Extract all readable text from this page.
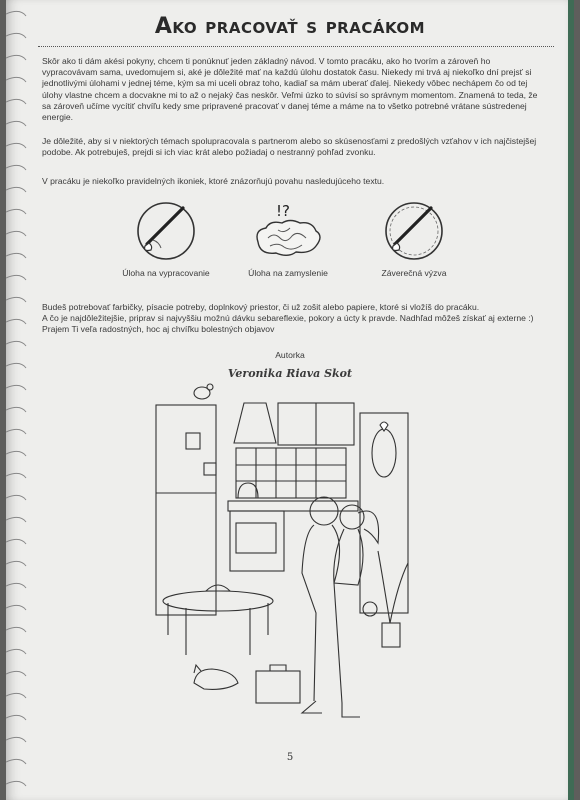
Ako pracovať s pracákom

Skôr ako ti dám akési pokyny, chcem ti ponúknuť jeden základný návod. V tomto pracáku, ako ho tvorím a zároveň ho vypracovávam sama, uvedomujem si, aké je dôležité mať na každú úlohu dostatok času. Niekedy mi trvá aj niekoľko dní prejsť si jednotlivými úlohami v jednej téme, kým sa mi uceli obraz toho, kadiaľ sa mám uberať ďalej. Niekedy vôbec nechápem čo od tej úlohy vlastne chcem a docvakne mi to až o nejaký čas neskôr. Veľmi úzko to súvisí so správnym momentom. Znamená to teda, že sa zároveň učíme vycítiť chvíľu kedy sme pripravené pracovať v danej téme a máme na to všetko potrebné vrátane sústredenej energie.

Je dôležité, aby si v niektorých témach spolupracovala s partnerom alebo so skúsenosťami z predošlých vzťahov v ich najčistejšej podobe. Ak potrebuješ, prejdi si ich viac krát alebo požiadaj o nestranný pohľad zvonku.

V pracáku je niekoľko pravidelných ikoniek, ktoré znázorňujú povahu nasledujúceho textu.

Úloha na vypracovanie
!?
Úloha na zamyslenie	Záverečná výzva

Budeš potrebovať farbičky, písacie potreby, doplnkový priestor, či už zošit alebo papiere, ktoré si vložíš do pracáku.

A čo je najdôležitejšie, priprav si najvyššiu možnú dávku sebareflexie, pokory a úcty k pravde. Nadhľad môžeš získať aj externe :)

Prajem Ti veľa radostných, hoc aj chvíľku bolestných objavov

Autorka
Veronika Riava Skot
5
